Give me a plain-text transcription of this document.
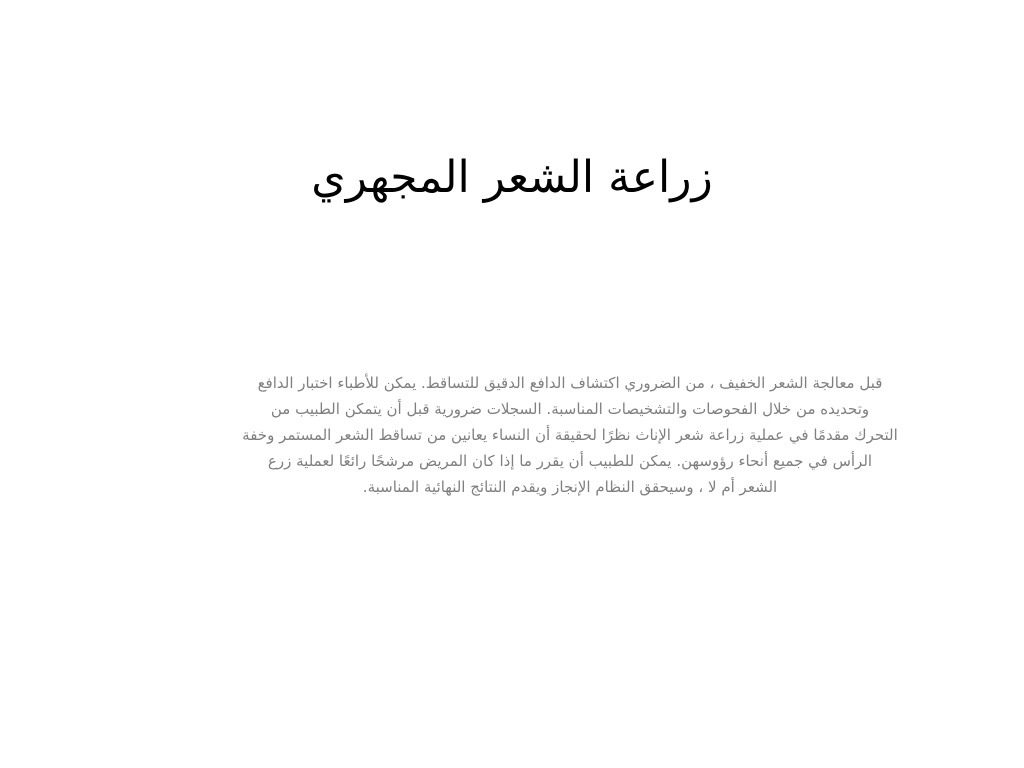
زراعة الشعر المجهري
قبل معالجة الشعر الخفيف ، من الضروري اكتشاف الدافع الدقيق للتساقط. يمكن للأطباء اختبار الدافع
وتحديده من خلال الفحوصات والتشخيصات المناسبة. السجلات ضرورية قبل أن يتمكن الطبيب من
التحرك مقدمًا في عملية زراعة شعر الإناث نظرًا لحقيقة أن النساء يعانين من تساقط الشعر المستمر وخفة
الرأس في جميع أنحاء رؤوسهن. يمكن للطبيب أن يقرر ما إذا كان المريض مرشحًا رائعًا لعملية زرع
الشعر أم لا ، وسيحقق النظام الإنجاز ويقدم النتائج النهائية المناسبة.
